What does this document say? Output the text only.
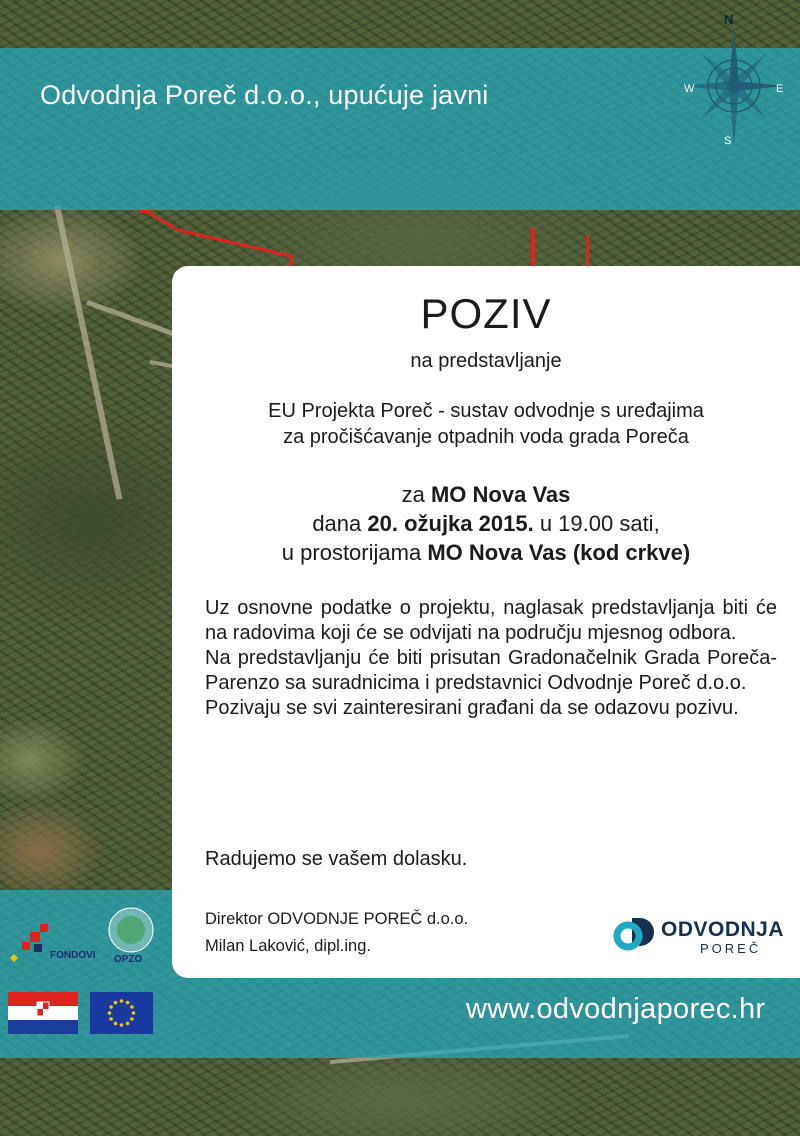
Odvodnja Poreč d.o.o., upućuje javni
N
E
S
W
POZIV
na predstavljanje
EU Projekta Poreč - sustav odvodnje s uređajima
za pročišćavanje otpadnih voda grada Poreča
za MO Nova Vas
dana 20. ožujka 2015. u 19.00 sati,
u prostorijama MO Nova Vas (kod crkve)

Uz osnovne podatke o projektu, naglasak predstavljanja biti će na radovima koji će se odvijati na području mjesnog odbora.

Na predstavljanju će biti prisutan Gradonačelnik Grada Poreča-Parenzo sa suradnicima i predstavnici Odvodnje Poreč d.o.o.

Pozivaju se svi zainteresirani građani da se odazovu pozivu.

Radujemo se vašem dolasku.
Direktor ODVODNJE POREČ d.o.o.
Milan Laković, dipl.ing.
ODVODNJA
POREČ
www.odvodnjaporec.hr
FONDOVI OPZO
